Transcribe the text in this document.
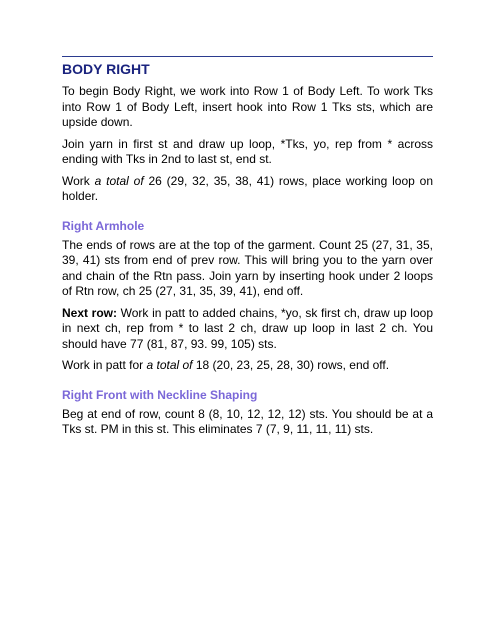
BODY RIGHT

To begin Body Right, we work into Row 1 of Body Left. To work Tks into Row 1 of Body Left, insert hook into Row 1 Tks sts, which are upside down.

Join yarn in first st and draw up loop, *Tks, yo, rep from * across ending with Tks in 2nd to last st, end st.

Work a total of 26 (29, 32, 35, 38, 41) rows, place working loop on holder.

Right Armhole

The ends of rows are at the top of the garment. Count 25 (27, 31, 35, 39, 41) sts from end of prev row. This will bring you to the yarn over and chain of the Rtn pass. Join yarn by inserting hook under 2 loops of Rtn row, ch 25 (27, 31, 35, 39, 41), end off.

Next row: Work in patt to added chains, *yo, sk first ch, draw up loop in next ch, rep from * to last 2 ch, draw up loop in last 2 ch. You should have 77 (81, 87, 93. 99, 105) sts.

Work in patt for a total of 18 (20, 23, 25, 28, 30) rows, end off.

Right Front with Neckline Shaping

Beg at end of row, count 8 (8, 10, 12, 12, 12) sts. You should be at a Tks st. PM in this st. This eliminates 7 (7, 9, 11, 11, 11) sts.
